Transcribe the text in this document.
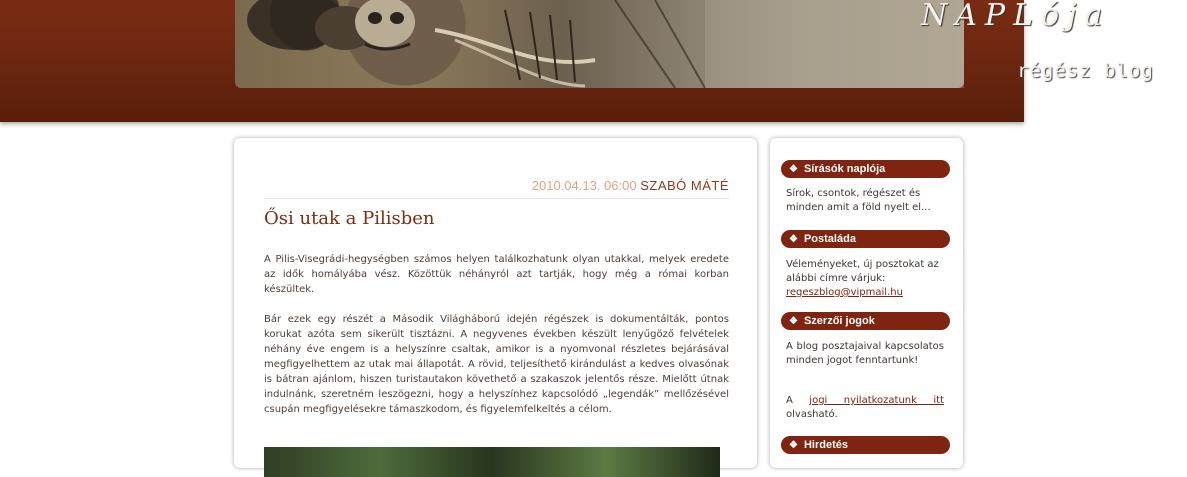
NAPLója
régész blog
2010.04.13. 06:00 SZABÓ MÁTÉ
Ősi utak a Pilisben

A Pilis-Visegrádi-hegységben számos helyen találkozhatunk olyan utakkal, melyek eredete az idők homályába vész. Közöttük néhányról azt tartják, hogy még a római korban készültek.

Bár ezek egy részét a Második Világháború idején régészek is dokumentálták, pontos korukat azóta sem sikerült tisztázni. A negyvenes években készült lenyűgöző felvételek néhány éve engem is a helyszínre csaltak, amikor is a nyomvonal részletes bejárásával megfigyelhettem az utak mai állapotát. A rövid, teljesíthető kirándulást a kedves olvasónak is bátran ajánlom, hiszen turistautakon követhető a szakaszok jelentős része. Mielőtt útnak indulnánk, szeretném leszögezni, hogy a helyszínhez kapcsolódó „legendák” mellőzésével csupán megfigyelésekre támaszkodom, és figyelemfelkeltés a célom.

❖ Sírásók naplója
Sírok, csontok, régészet és minden amit a föld nyelt el...
❖ Postaláda
Véleményeket, új posztokat az alábbi címre várjuk:
regeszblog@vipmail.hu
❖ Szerzői jogok
A blog posztajaival kapcsolatos minden jogot fenntartunk!
A jogi nyilatkozatunk itt olvasható.
❖ Hirdetés
